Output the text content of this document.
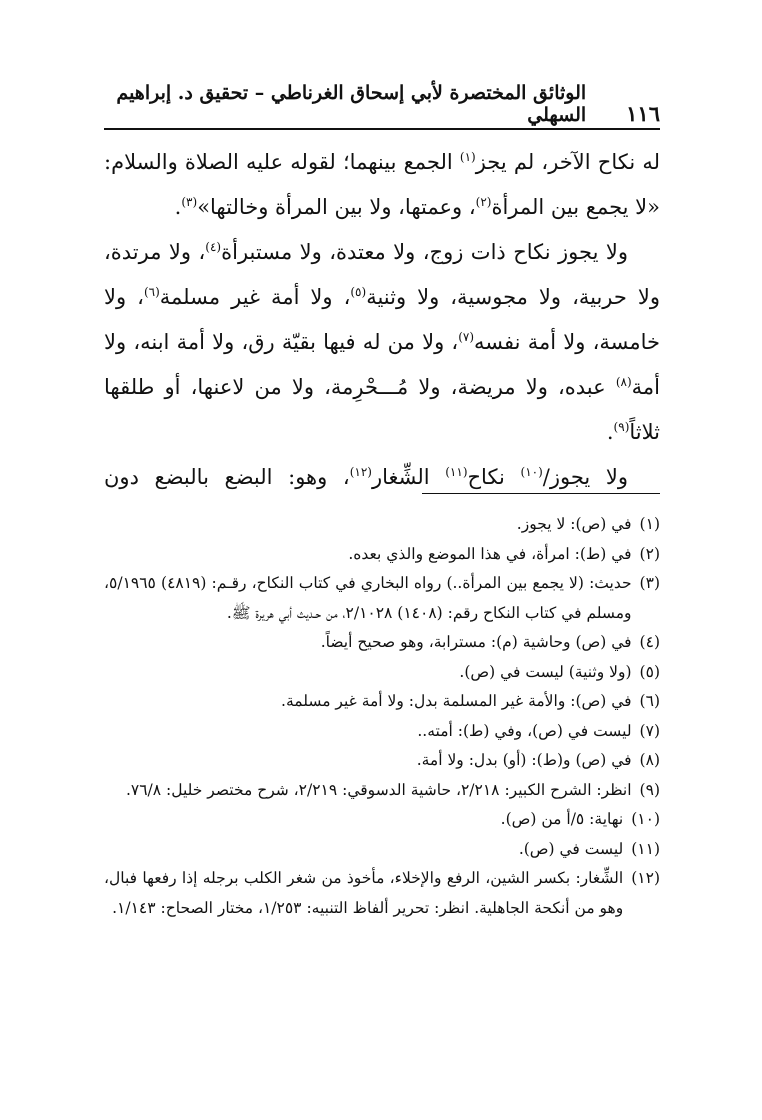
١١٦
الوثائق المختصرة لأبي إسحاق الغرناطي – تحقيق د. إبراهيم السهلي

له نكاح الآخر، لم يجز$^{(١)}$ الجمع بينهما؛ لقوله عليه الصلاة والسلام: «لا يجمع بين المرأة$^{(٢)}$، وعمتها، ولا بين المرأة وخالتها»$^{(٣)}$.

ولا يجوز نكاح ذات زوج، ولا معتدة، ولا مستبرأة$^{(٤)}$، ولا مرتدة، ولا حربية، ولا مجوسية، ولا وثنية$^{(٥)}$، ولا أمة غير مسلمة$^{(٦)}$، ولا خامسة، ولا أمة نفسه$^{(٧)}$، ولا من له فيها بقيّة رق، ولا أمة ابنه، ولا أمة$^{(٨)}$ عبده، ولا مريضة، ولا مُـــحْرِمة، ولا من لاعنها، أو طلقها ثلاثاً$^{(٩)}$.

ولا يجوز/$^{(١٠)}$ نكاح$^{(١١)}$ الشِّغار$^{(١٢)}$، وهو: البضع بالبضع دون

(١)
في (ص): لا يجوز.
(٢)
في (ط): امرأة، في هذا الموضع والذي بعده.
(٣)
حديث: (لا يجمع بين المرأة..) رواه البخاري في كتاب النكاح، رقـم: (٤٨١٩) ٥/١٩٦٥، ومسلم في كتاب النكاح رقم: (١٤٠٨) ٢/١٠٢٨، من حـديث أبي هريرة ﷺ.
(٤)
في (ص) وحاشية (م): مسترابة، وهو صحيح أيضاً.
(٥)
(ولا وثنية) ليست في (ص).
(٦)
في (ص): والأمة غير المسلمة بدل: ولا أمة غير مسلمة.
(٧)
ليست في (ص)، وفي (ط): أمته..
(٨)
في (ص) و(ط): (أو) بدل: ولا أمة.
(٩)
انظر: الشرح الكبير: ٢/٢١٨، حاشية الدسوقي: ٢/٢١٩، شرح مختصر خليل: ٧٦/٨.
(١٠)
نهاية: ٥/أ من (ص).
(١١)
ليست في (ص).
(١٢)
الشِّغار: بكسر الشين، الرفع والإخلاء، مأخوذ من شغر الكلب برجله إذا رفعها فبال، وهو من أنكحة الجاهلية. انظر: تحرير ألفاظ التنبيه: ١/٢٥٣، مختار الصحاح: ١/١٤٣.
